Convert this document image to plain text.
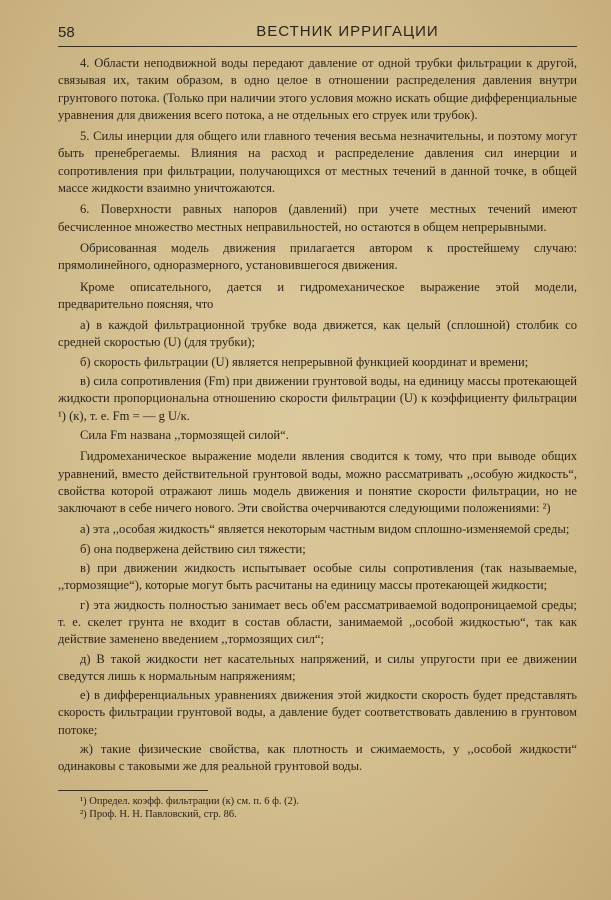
58	ВЕСТНИК ИРРИГАЦИИ

4. Области неподвижной воды передают давление от одной трубки фильтрации к другой, связывая их, таким образом, в одно целое в отношении распределения давления внутри грунтового потока. (Только при наличии этого условия можно искать общие дифференциальные уравнения для движения всего потока, а не отдельных его струек или трубок).

5. Силы инерции для общего или главного течения весьма незначительны, и поэтому могут быть пренебрегаемы. Влияния на расход и распределение давления сил инерции и сопротивления при фильтрации, получающихся от местных течений в данной точке, в общей массе жидкости взаимно уничтожаются.

6. Поверхности равных напоров (давлений) при учете местных течений имеют бесчисленное множество местных неправильностей, но остаются в общем непрерывными.

Обрисованная модель движения прилагается автором к простейшему случаю: прямолинейного, одноразмерного, установившегося движения.

Кроме описательного, дается и гидромеханическое выражение этой модели, предварительно поясняя, что

а) в каждой фильтрационной трубке вода движется, как целый (сплошной) столбик со средней скоростью (U) (для трубки);

б) скорость фильтрации (U) является непрерывной функцией координат и времени;

в) сила сопротивления (Fm) при движении грунтовой воды, на единицу массы протекающей жидкости пропорциональна отношению скорости фильтрации (U) к коэффициенту фильтрации ¹) (к), т. е. Fm = — g U/к.

Сила Fm названа ,,тормозящей силой“.

Гидромеханическое выражение модели явления сводится к тому, что при выводе общих уравнений, вместо действительной грунтовой воды, можно рассматривать ,,особую жидкость“, свойства которой отражают лишь модель движения и понятие скорости фильтрации, но не заключают в себе ничего нового. Эти свойства очерчиваются следующими положениями: ²)

а) эта ,,особая жидкость“ является некоторым частным видом сплошно-изменяемой среды;

б) она подвержена действию сил тяжести;

в) при движении жидкость испытывает особые силы сопротивления (так называемые, ,,тормозящие“), которые могут быть расчитаны на единицу массы протекающей жидкости;

г) эта жидкость полностью занимает весь об'ем рассматриваемой водопроницаемой среды; т. е. скелет грунта не входит в состав области, занимаемой ,,особой жидкостью“, так как действие заменено введением ,,тормозящих сил“;

д) В такой жидкости нет касательных напряжений, и силы упругости при ее движении сведутся лишь к нормальным напряжениям;

е) в дифференциальных уравнениях движения этой жидкости скорость будет представлять скорость фильтрации грунтовой воды, а давление будет соответствовать давлению в грунтовом потоке;

ж) такие физические свойства, как плотность и сжимаемость, у ,,особой жидкости“ одинаковы с таковыми же для реальной грунтовой воды.

¹) Определ. коэфф. фильтрации (к) см. п. 6 ф. (2).

²) Проф. Н. Н. Павловский, стр. 86.
